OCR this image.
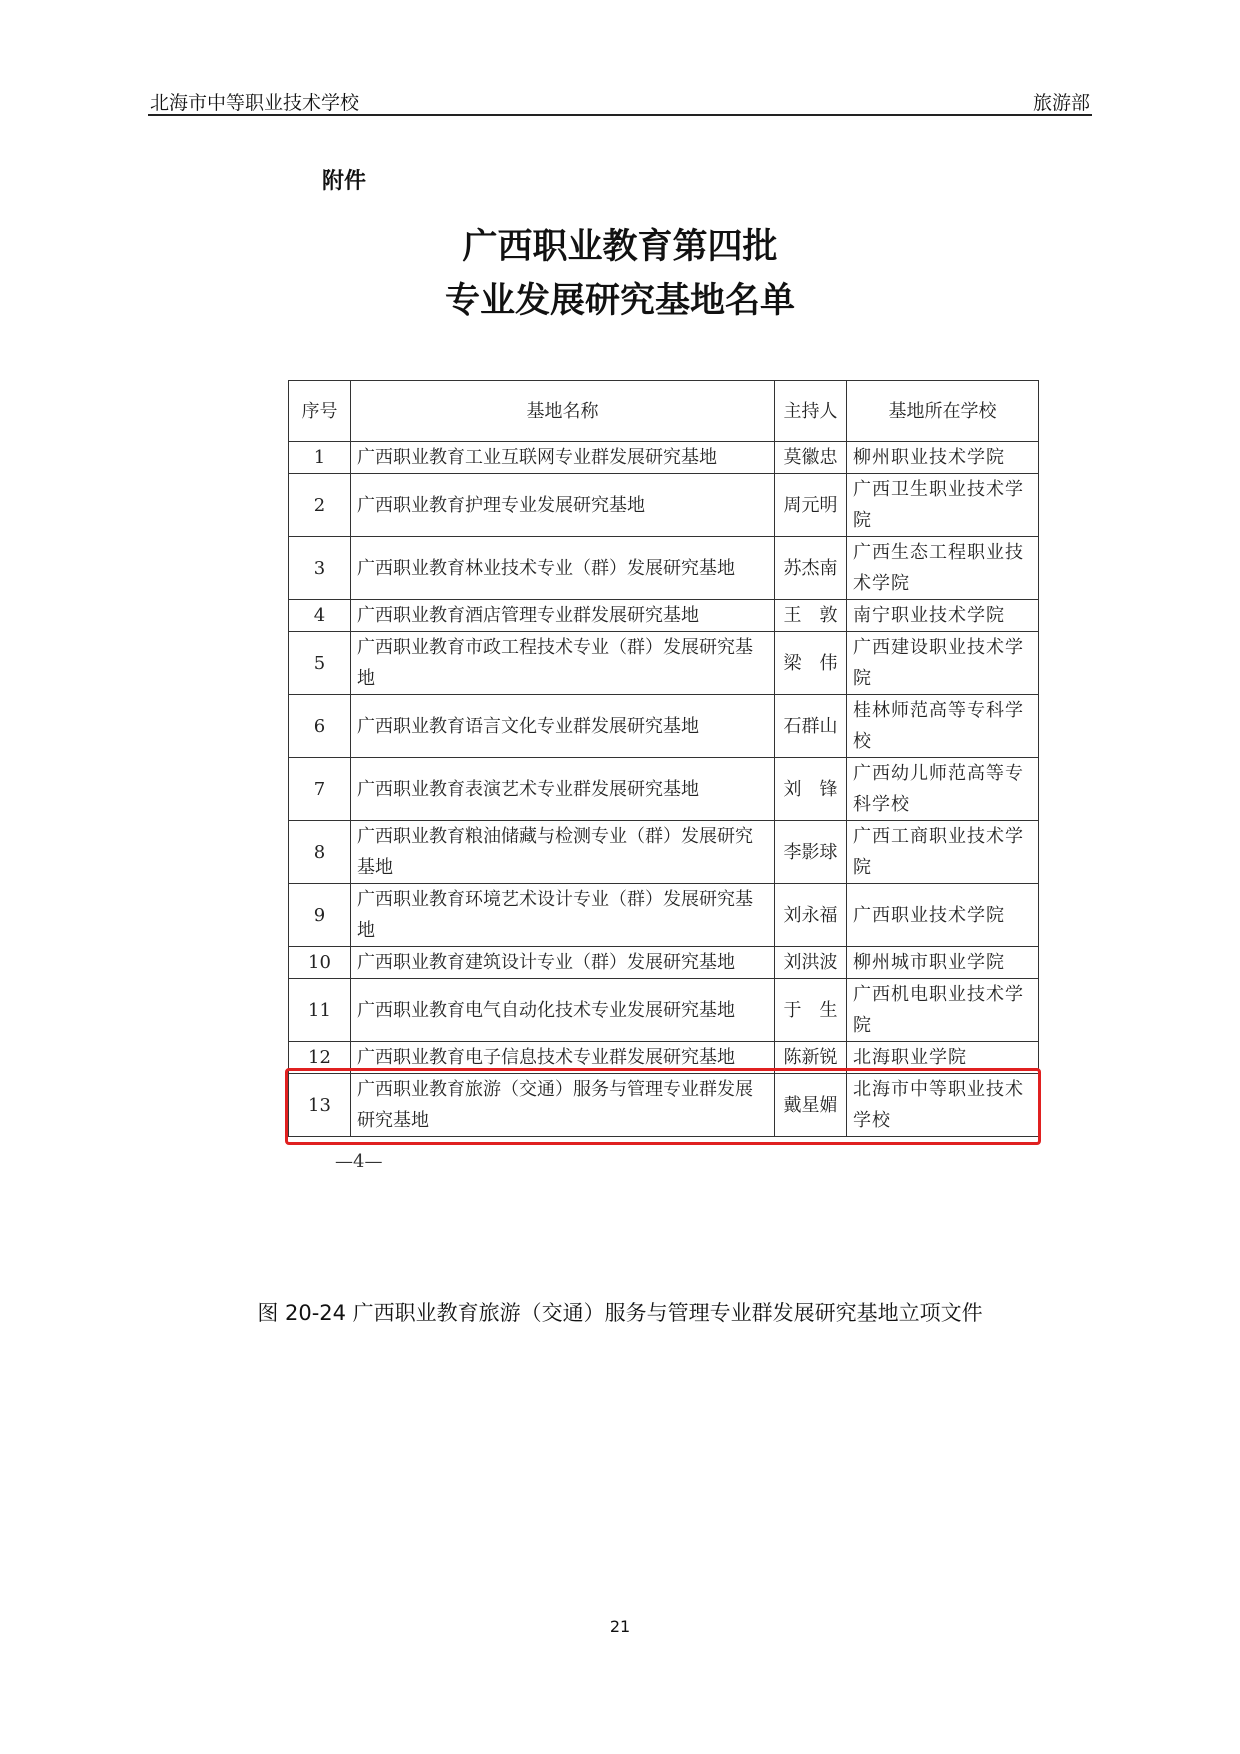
北海市中等职业技术学校	旅游部
附件
广西职业教育第四批
专业发展研究基地名单
序号	基地名称	主持人	基地所在学校
1	广西职业教育工业互联网专业群发展研究基地	莫徽忠	柳州职业技术学院
2	广西职业教育护理专业发展研究基地	周元明	广西卫生职业技术学院
3	广西职业教育林业技术专业（群）发展研究基地	苏杰南	广西生态工程职业技术学院
4	广西职业教育酒店管理专业群发展研究基地	王　敦	南宁职业技术学院
5	广西职业教育市政工程技术专业（群）发展研究基地	梁　伟	广西建设职业技术学院
6	广西职业教育语言文化专业群发展研究基地	石群山	桂林师范高等专科学校
7	广西职业教育表演艺术专业群发展研究基地	刘　锋	广西幼儿师范高等专科学校
8	广西职业教育粮油储藏与检测专业（群）发展研究基地	李影球	广西工商职业技术学院
9	广西职业教育环境艺术设计专业（群）发展研究基地	刘永福	广西职业技术学院
10	广西职业教育建筑设计专业（群）发展研究基地	刘洪波	柳州城市职业学院
11	广西职业教育电气自动化技术专业发展研究基地	于　生	广西机电职业技术学院
12	广西职业教育电子信息技术专业群发展研究基地	陈新锐	北海职业学院
13	广西职业教育旅游（交通）服务与管理专业群发展研究基地	戴星媚	北海市中等职业技术学校
—4—
图 20-24 广西职业教育旅游（交通）服务与管理专业群发展研究基地立项文件
21
